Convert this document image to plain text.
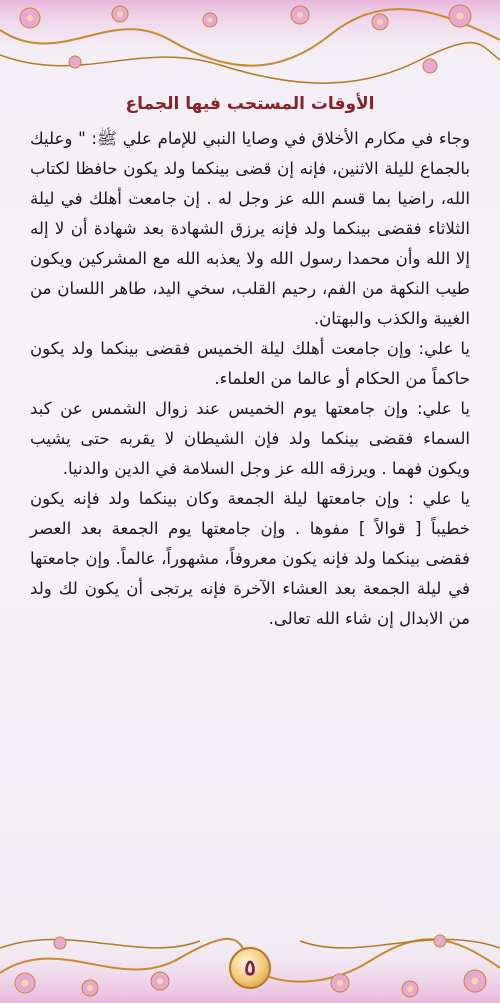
الأوقات المستحب فيها الجماع

وجاء في مكارم الأخلاق في وصايا النبي للإمام علي ﷺ: " وعليك بالجماع لليلة الاثنين، فإنه إن قضى بينكما ولد يكون حافظا لكتاب الله، راضيا بما قسم الله عز وجل له . إن جامعت أهلك في ليلة الثلاثاء فقضى بينكما ولد فإنه يرزق الشهادة بعد شهادة أن لا إله إلا الله وأن محمدا رسول الله ولا يعذبه الله مع المشركين ويكون طيب النكهة من الفم، رحيم القلب، سخي اليد، طاهر اللسان من الغيبة والكذب والبهتان.

يا علي: وإن جامعت أهلك ليلة الخميس فقضى بينكما ولد يكون حاكماً من الحكام أو عالما من العلماء.

يا علي: وإن جامعتها يوم الخميس عند زوال الشمس عن كبد السماء فقضى بينكما ولد فإن الشيطان لا يقربه حتى يشيب ويكون فهما . ويرزقه الله عز وجل السلامة في الدين والدنيا.

يا علي : وإن جامعتها ليلة الجمعة وكان بينكما ولد فإنه يكون خطيباً [ قوالاً ] مفوها . وإن جامعتها يوم الجمعة بعد العصر فقضى بينكما ولد فإنه يكون معروفاً، مشهوراً، عالماً. وإن جامعتها في ليلة الجمعة بعد العشاء الآخرة فإنه يرتجى أن يكون لك ولد من الابدال إن شاء الله تعالى.

٥
